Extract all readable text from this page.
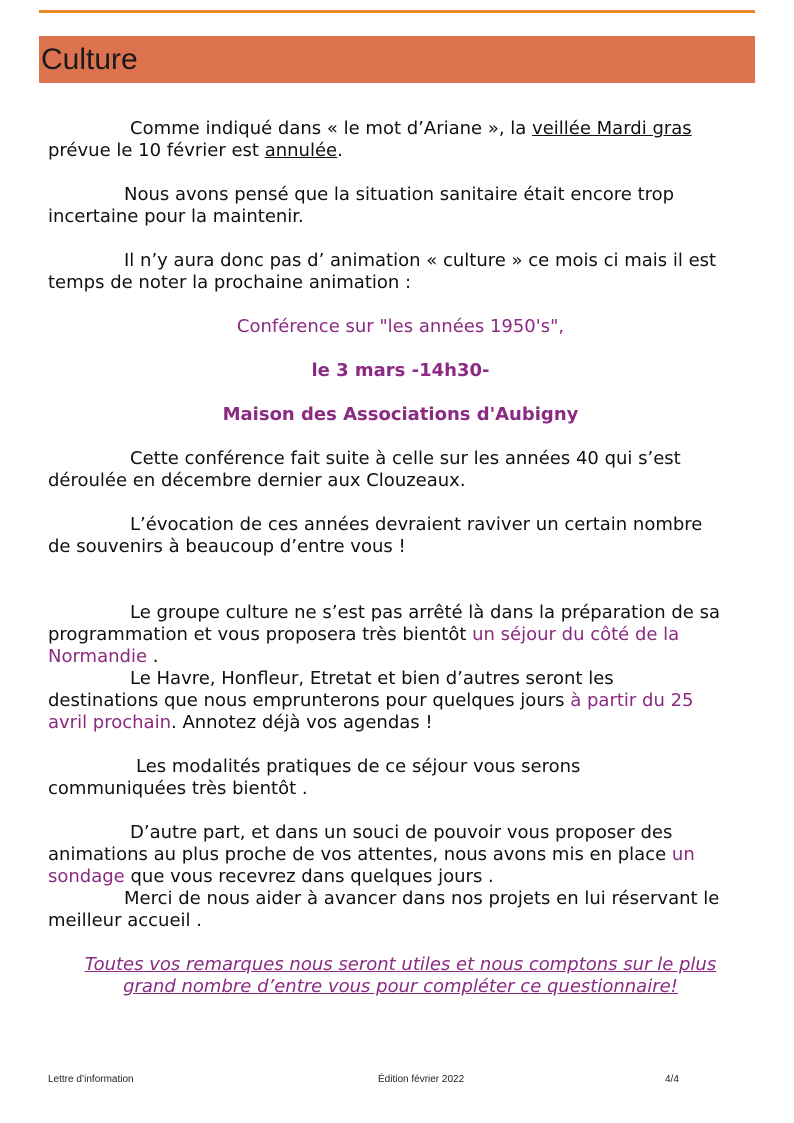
Culture

Comme indiqué dans « le mot d’Ariane », la veillée Mardi gras

prévue le 10 février est annulée.

Nous avons pensé que la situation sanitaire était encore trop

incertaine pour la maintenir.

Il n’y aura donc pas d’ animation « culture » ce mois ci mais il est

temps de noter la prochaine animation :

Conférence sur "les années 1950's",

le 3 mars -14h30-

Maison des Associations d'Aubigny

Cette conférence fait suite à celle sur les années 40 qui s’est

déroulée en décembre dernier aux Clouzeaux.

L’évocation de ces années devraient raviver un certain nombre

de souvenirs à beaucoup d’entre vous !

Le groupe culture ne s’est pas arrêté là dans la préparation de sa

programmation et vous proposera très bientôt un séjour du côté de la

Normandie .

Le Havre, Honfleur, Etretat et bien d’autres seront les

destinations que nous emprunterons pour quelques jours à partir du 25

avril prochain. Annotez déjà vos agendas !

Les modalités pratiques de ce séjour vous serons

communiquées très bientôt .

D’autre part, et dans un souci de pouvoir vous proposer des

animations au plus proche de vos attentes, nous avons mis en place un

sondage que vous recevrez dans quelques jours .

Merci de nous aider à avancer dans nos projets en lui réservant le

meilleur accueil .

Toutes vos remarques nous seront utiles et nous comptons sur le plus

grand nombre d’entre vous pour compléter ce questionnaire!

Lettre d’information	Édition février 2022	4/4
